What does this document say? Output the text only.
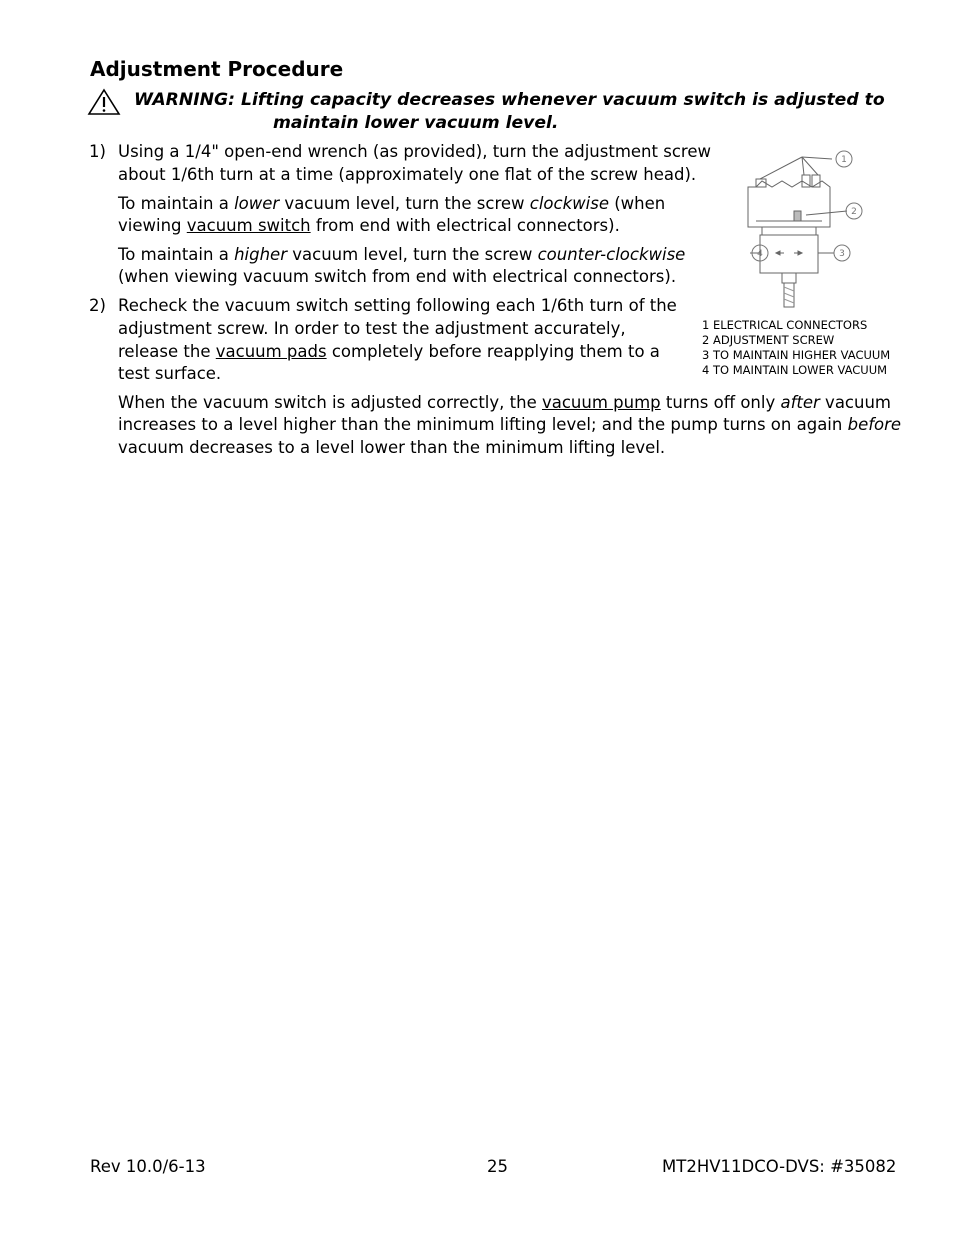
Adjustment Procedure
WARNING: Lifting capacity decreases whenever vacuum switch is adjusted to
maintain lower vacuum level.
1) Using a 1/4" open-end wrench (as provided), turn the adjustment screw
about 1/6th turn at a time (approximately one flat of the screw head).
To maintain a lower vacuum level, turn the screw clockwise (when
viewing vacuum switch from end with electrical connectors).
To maintain a higher vacuum level, turn the screw counter-clockwise
(when viewing vacuum switch from end with electrical connectors).
2) Recheck the vacuum switch setting following each 1/6th turn of the
adjustment screw. In order to test the adjustment accurately,
release the vacuum pads completely before reapplying them to a
test surface.
When the vacuum switch is adjusted correctly, the vacuum pump turns off only after vacuum
increases to a level higher than the minimum lifting level; and the pump turns on again before
vacuum decreases to a level lower than the minimum lifting level.
1
2
3
4
1 ELECTRICAL CONNECTORS
2 ADJUSTMENT SCREW
3 TO MAINTAIN HIGHER VACUUM
4 TO MAINTAIN LOWER VACUUM
Rev 10.0/6-13	25	MT2HV11DCO-DVS: #35082
